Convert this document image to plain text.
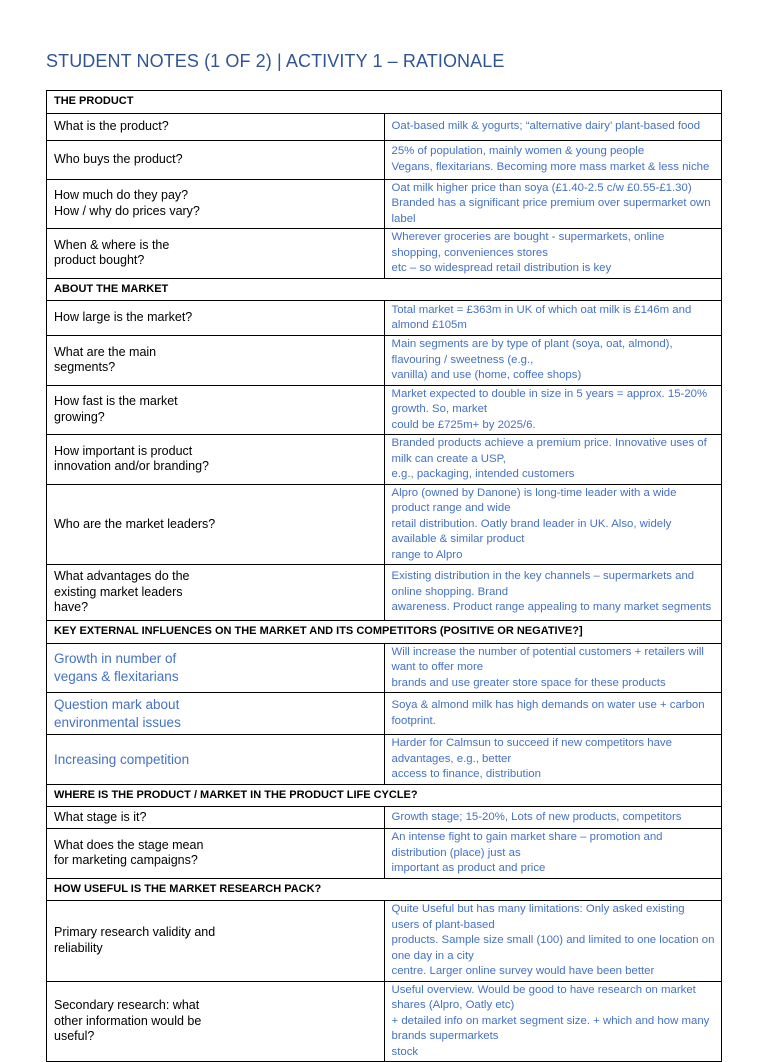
STUDENT NOTES (1 OF 2) | ACTIVITY 1 – RATIONALE
THE PRODUCT	

What is the product?	Oat-based milk & yogurts; “alternative dairy’ plant-based food

Who buys the product?	25% of population, mainly women & young people
Vegans, flexitarians. Becoming more mass market & less niche

How much do they pay?
How / why do prices vary?	Oat milk higher price than soya (£1.40-2.5 c/w £0.55-£1.30)
Branded has a significant price premium over supermarket own label

When & where is the
product bought?	Wherever groceries are bought - supermarkets, online shopping, conveniences stores
etc – so widespread retail distribution is key

ABOUT THE MARKET	

How large is the market?	Total market = £363m in UK of which oat milk is £146m and almond £105m

What are the main
segments?	Main segments are by type of plant (soya, oat, almond), flavouring / sweetness (e.g.,
vanilla) and use (home, coffee shops)

How fast is the market
growing?	Market expected to double in size in 5 years = approx. 15-20% growth. So, market
could be £725m+ by 2025/6.

How important is product
innovation and/or branding?	Branded products achieve a premium price. Innovative uses of milk can create a USP,
e.g., packaging, intended customers

Who are the market leaders?	Alpro (owned by Danone) is long-time leader with a wide product range and wide
retail distribution. Oatly brand leader in UK. Also, widely available & similar product
range to Alpro

What advantages do the
existing market leaders
have?	Existing distribution in the key channels – supermarkets and online shopping. Brand
awareness. Product range appealing to many market segments

KEY EXTERNAL INFLUENCES ON THE MARKET AND ITS COMPETITORS (POSITIVE OR NEGATIVE?]	

Growth in number of
vegans & flexitarians	Will increase the number of potential customers + retailers will want to offer more
brands and use greater store space for these products

Question mark about
environmental issues	Soya & almond milk has high demands on water use + carbon footprint.

Increasing competition	Harder for Calmsun to succeed if new competitors have advantages, e.g., better
access to finance, distribution

WHERE IS THE PRODUCT / MARKET IN THE PRODUCT LIFE CYCLE?	

What stage is it?	Growth stage; 15-20%, Lots of new products, competitors

What does the stage mean
for marketing campaigns?	An intense fight to gain market share – promotion and distribution (place) just as
important as product and price

HOW USEFUL IS THE MARKET RESEARCH PACK?	

Primary research validity and
reliability	Quite Useful but has many limitations: Only asked existing users of plant-based
products. Sample size small (100) and limited to one location on one day in a city
centre. Larger online survey would have been better

Secondary research: what
other information would be
useful?	Useful overview. Would be good to have research on market shares (Alpro, Oatly etc)
+ detailed info on market segment size. + which and how many brands supermarkets
stock
